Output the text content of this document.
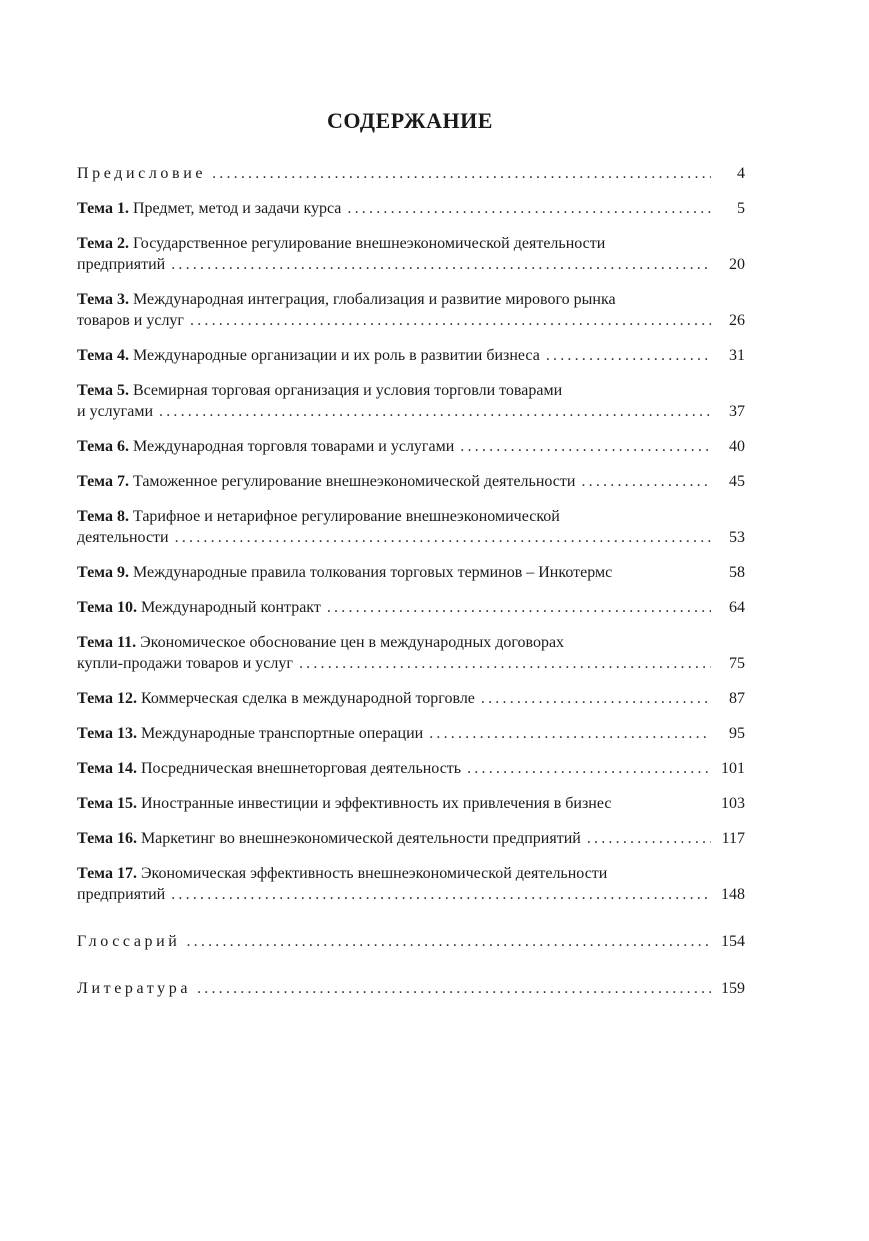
СОДЕРЖАНИЕ
Предисловие .....	4
Тема 1. Предмет, метод и задачи курса .....	5
Тема 2. Государственное регулирование внешнеэкономической деятельности
предприятий .....	20
Тема 3. Международная интеграция, глобализация и развитие мирового рынка
товаров и услуг .....	26
Тема 4. Международные организации и их роль в развитии бизнеса .....	31
Тема 5. Всемирная торговая организация и условия торговли товарами
и услугами .....	37
Тема 6. Международная торговля товарами и услугами .....	40
Тема 7. Таможенное регулирование внешнеэкономической деятельности .....	45
Тема 8. Тарифное и нетарифное регулирование внешнеэкономической
деятельности .....	53
Тема 9. Международные правила толкования торговых терминов – Инкотермс	58
Тема 10. Международный контракт .....	64
Тема 11. Экономическое обоснование цен в международных договорах
купли-продажи товаров и услуг .....	75
Тема 12. Коммерческая сделка в международной торговле .....	87
Тема 13. Международные транспортные операции .....	95
Тема 14. Посредническая внешнеторговая деятельность .....	101
Тема 15. Иностранные инвестиции и эффективность их привлечения в бизнес	103
Тема 16. Маркетинг во внешнеэкономической деятельности предприятий .....	117
Тема 17. Экономическая эффективность внешнеэкономической деятельности
предприятий .....	148
Глоссарий .....	154
Литература .....	159
